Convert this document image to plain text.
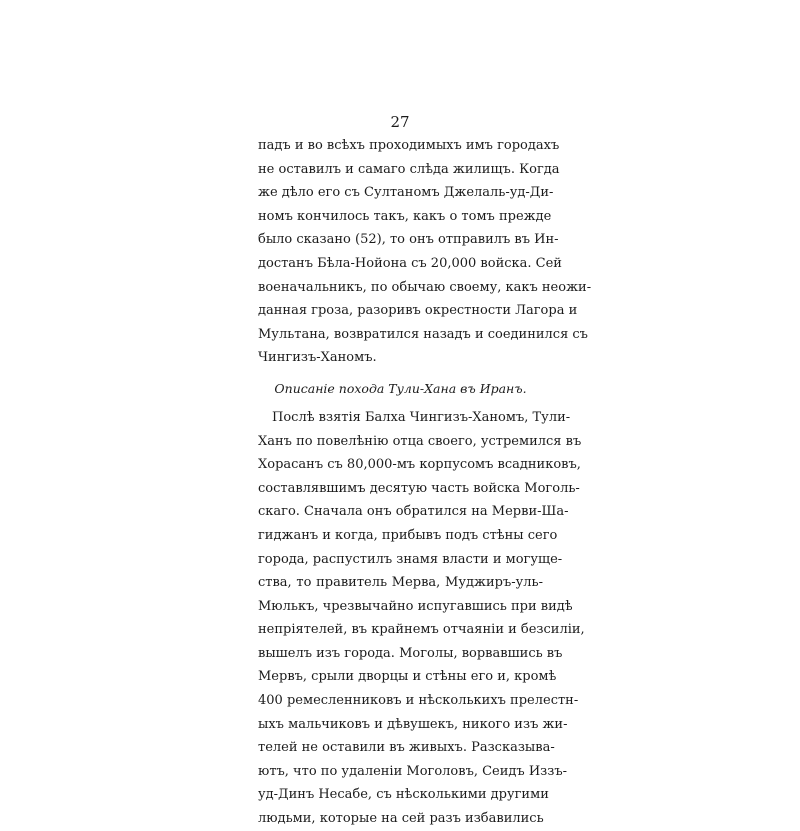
27
падъ и во всѣхъ проходимыхъ имъ городахъ
не оставилъ и самаго слѣда жилищъ. Когда
же дѣло его съ Султаномъ Джелаль-уд-Ди-
номъ кончилось такъ, какъ о томъ прежде
было сказано (52), то онъ отправилъ въ Ин-
достанъ Бѣла-Нойона съ 20,000 войска. Сей
военачальникъ, по обычаю своему, какъ неожи-
данная гроза, разоривъ окрестности Лагора и
Мультана, возвратился назадъ и соединился съ
Чингизъ-Ханомъ.
Описаніе похода Тули-Хана въ Иранъ.
Послѣ взятія Балха Чингизъ-Ханомъ, Тули-
Ханъ по повелѣнію отца своего, устремился въ
Хорасанъ съ 80,000-мъ корпусомъ всадниковъ,
составлявшимъ десятую часть войска Моголь-
скаго. Сначала онъ обратился на Мерви-Ша-
гиджанъ и когда, прибывъ подъ стѣны сего
города, распустилъ знамя власти и могуще-
ства, то правитель Мерва, Муджиръ-уль-
Мюлькъ, чрезвычайно испугавшись при видѣ
непріятелей, въ крайнемъ отчаяніи и безсиліи,
вышелъ изъ города. Моголы, ворвавшись въ
Мервъ, срыли дворцы и стѣны его и, кромѣ
400 ремесленниковъ и нѣсколькихъ прелестн-
ыхъ мальчиковъ и дѣвушекъ, никого изъ жи-
телей не оставили въ живыхъ. Разсказыва-
ютъ, что по удаленіи Моголовъ, Сеидъ Иззъ-
уд-Динъ Несабе, съ нѣсколькими другими
людьми, которые на сей разъ избавились
